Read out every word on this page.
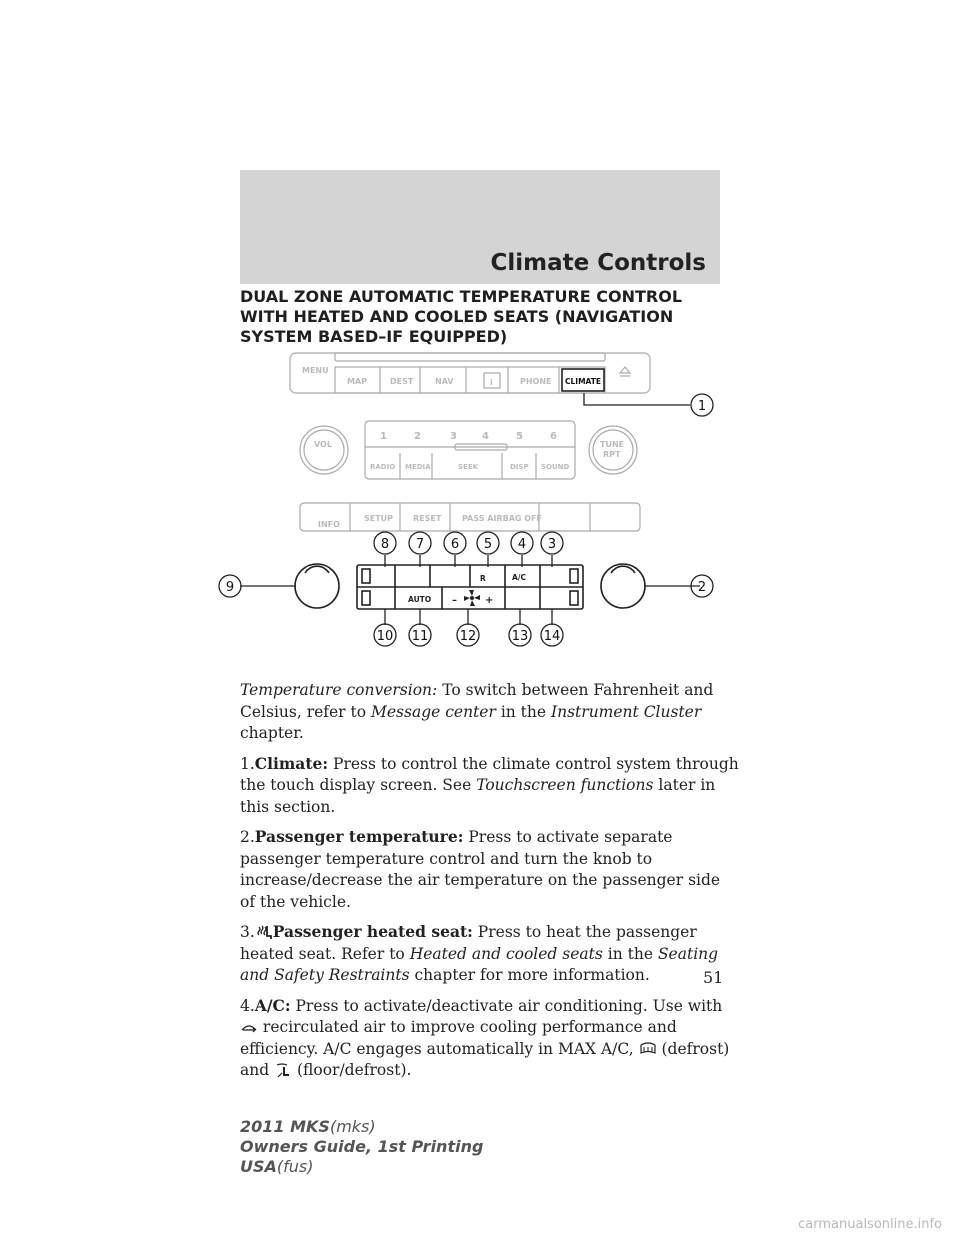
Climate Controls
DUAL ZONE AUTOMATIC TEMPERATURE CONTROL WITH HEATED AND COOLED SEATS (NAVIGATION SYSTEM BASED–IF EQUIPPED)
MENU
MAP	DEST	NAV	i	PHONE
VOL	TUNE
RPT
INFO
SETUP RESET	PASS AIRBAG OFF
1	2	3	4	5	6
RADIO MEDIA	SEEK	DISP SOUND
CLIMATE
A/C
AUTO –	+
R
1
2
3
4
5
6
7
8
9
10 11 12	13 14

Temperature conversion: To switch between Fahrenheit and Celsius, refer to Message center in the Instrument Cluster chapter.

1.Climate: Press to control the climate control system through the touch display screen. See Touchscreen functions later in this section.

2.Passenger temperature: Press to activate separate passenger temperature control and turn the knob to increase/decrease the air temperature on the passenger side of the vehicle.

3. Passenger heated seat: Press to heat the passenger heated seat. Refer to Heated and cooled seats in the Seating and Safety Restraints chapter for more information.

4.A/C: Press to activate/deactivate air conditioning. Use with  recirculated air to improve cooling performance and efficiency. A/C engages automatically in MAX A/C,  (defrost) and  (floor/defrost).

51
2011 MKS(mks)
Owners Guide, 1st Printing
USA(fus)
carmanualsonline.info
